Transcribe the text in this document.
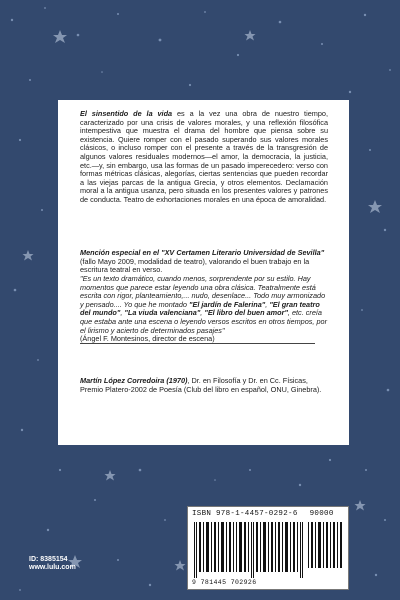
El sinsentido de la vida es a la vez una obra de nuestro tiempo, caracterizado por una crisis de valores morales, y una reflexión filosófica intempestiva que muestra el drama del hombre que piensa sobre su existencia. Quiere romper con el pasado superando sus valores morales clásicos, o incluso romper con el presente a través de la transgresión de algunos valores residuales modernos—el amor, la democracia, la justicia, etc.—y, sin embargo, usa las formas de un pasado imperecedero: verso con formas métricas clásicas, alegorías, ciertas sentencias que pueden recordar a las viejas parcas de la antigua Grecia, y otros elementos. Declamación moral a la antigua usanza, pero situada en los presentes valores y patrones de conducta. Teatro de exhortaciones morales en una época de amoralidad.

Mención especial en el "XV Certamen Literario Universidad de Sevilla" (fallo Mayo 2009, modalidad de teatro), valorando el buen trabajo en la escritura teatral en verso.

"Es un texto dramático, cuando menos, sorprendente por su estilo. Hay momentos que parece estar leyendo una obra clásica. Teatralmente está escrita con rigor, planteamiento,... nudo, desenlace... Todo muy armonizado y pensado.... Yo que he montado "El jardín de Falerina", "El gran teatro del mundo", "La viuda valenciana", "El libro del buen amor", etc. creía que estaba ante una escena o leyendo versos escritos en otros tiempos, por el lirismo y acierto de determinados pasajes"
(Ángel F. Montesinos, director de escena)

Martín López Corredoira (1970), Dr. en Filosofía y Dr. en Cc. Físicas, Premio Platero-2002 de Poesía (Club del libro en español, ONU, Ginebra).

ISBN 978-1-4457-0292-6 90000
9 781445 702926
ID: 8385154
www.lulu.com
